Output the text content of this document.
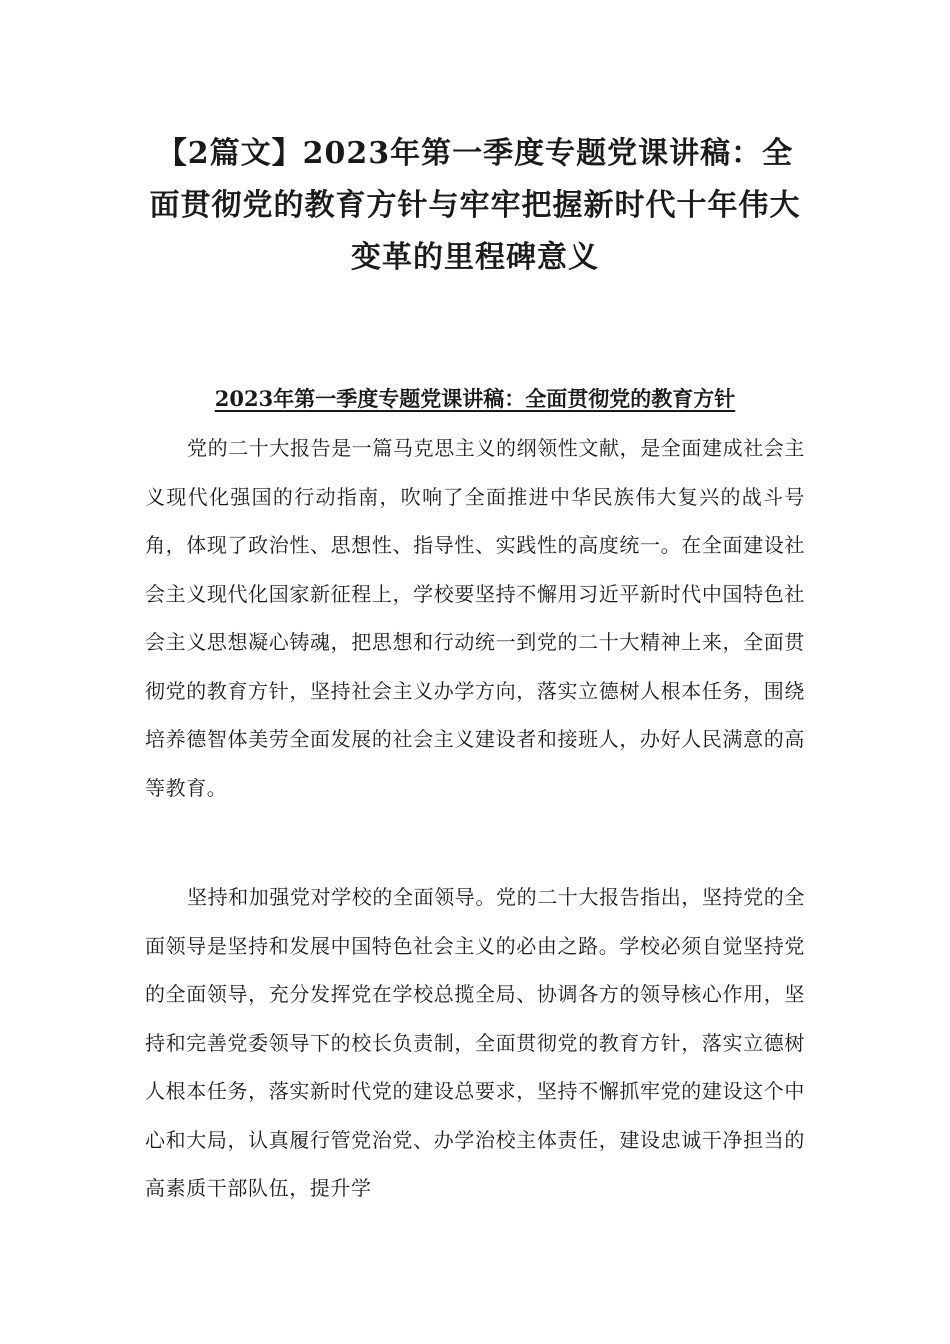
【2篇文】2023年第一季度专题党课讲稿：全面贯彻党的教育方针与牢牢把握新时代十年伟大变革的里程碑意义
2023年第一季度专题党课讲稿：全面贯彻党的教育方针

党的二十大报告是一篇马克思主义的纲领性文献，是全面建成社会主义现代化强国的行动指南，吹响了全面推进中华民族伟大复兴的战斗号角，体现了政治性、思想性、指导性、实践性的高度统一。在全面建设社会主义现代化国家新征程上，学校要坚持不懈用习近平新时代中国特色社会主义思想凝心铸魂，把思想和行动统一到党的二十大精神上来，全面贯彻党的教育方针，坚持社会主义办学方向，落实立德树人根本任务，围绕培养德智体美劳全面发展的社会主义建设者和接班人，办好人民满意的高等教育。

坚持和加强党对学校的全面领导。党的二十大报告指出，坚持党的全面领导是坚持和发展中国特色社会主义的必由之路。学校必须自觉坚持党的全面领导，充分发挥党在学校总揽全局、协调各方的领导核心作用，坚持和完善党委领导下的校长负责制，全面贯彻党的教育方针，落实立德树人根本任务，落实新时代党的建设总要求，坚持不懈抓牢党的建设这个中心和大局，认真履行管党治党、办学治校主体责任，建设忠诚干净担当的高素质干部队伍，提升学
